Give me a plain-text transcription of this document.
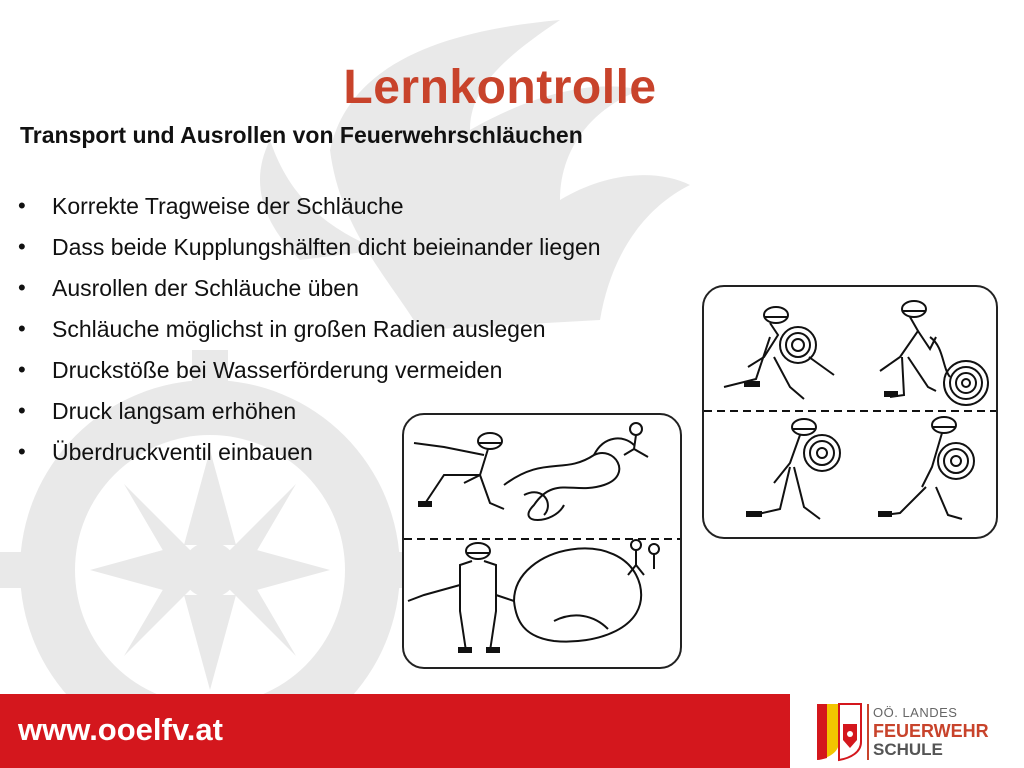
Lernkontrolle
Transport und Ausrollen von Feuerwehrschläuchen
• Korrekte Tragweise der Schläuche
• Dass beide Kupplungshälften dicht beieinander liegen
• Ausrollen der Schläuche üben
• Schläuche möglichst in großen Radien auslegen
• Druckstöße bei Wasserförderung vermeiden
• Druck langsam erhöhen
• Überdruckventil einbauen
www.ooelfv.at	OÖ. LANDES
FEUERWEHR
SCHULE
